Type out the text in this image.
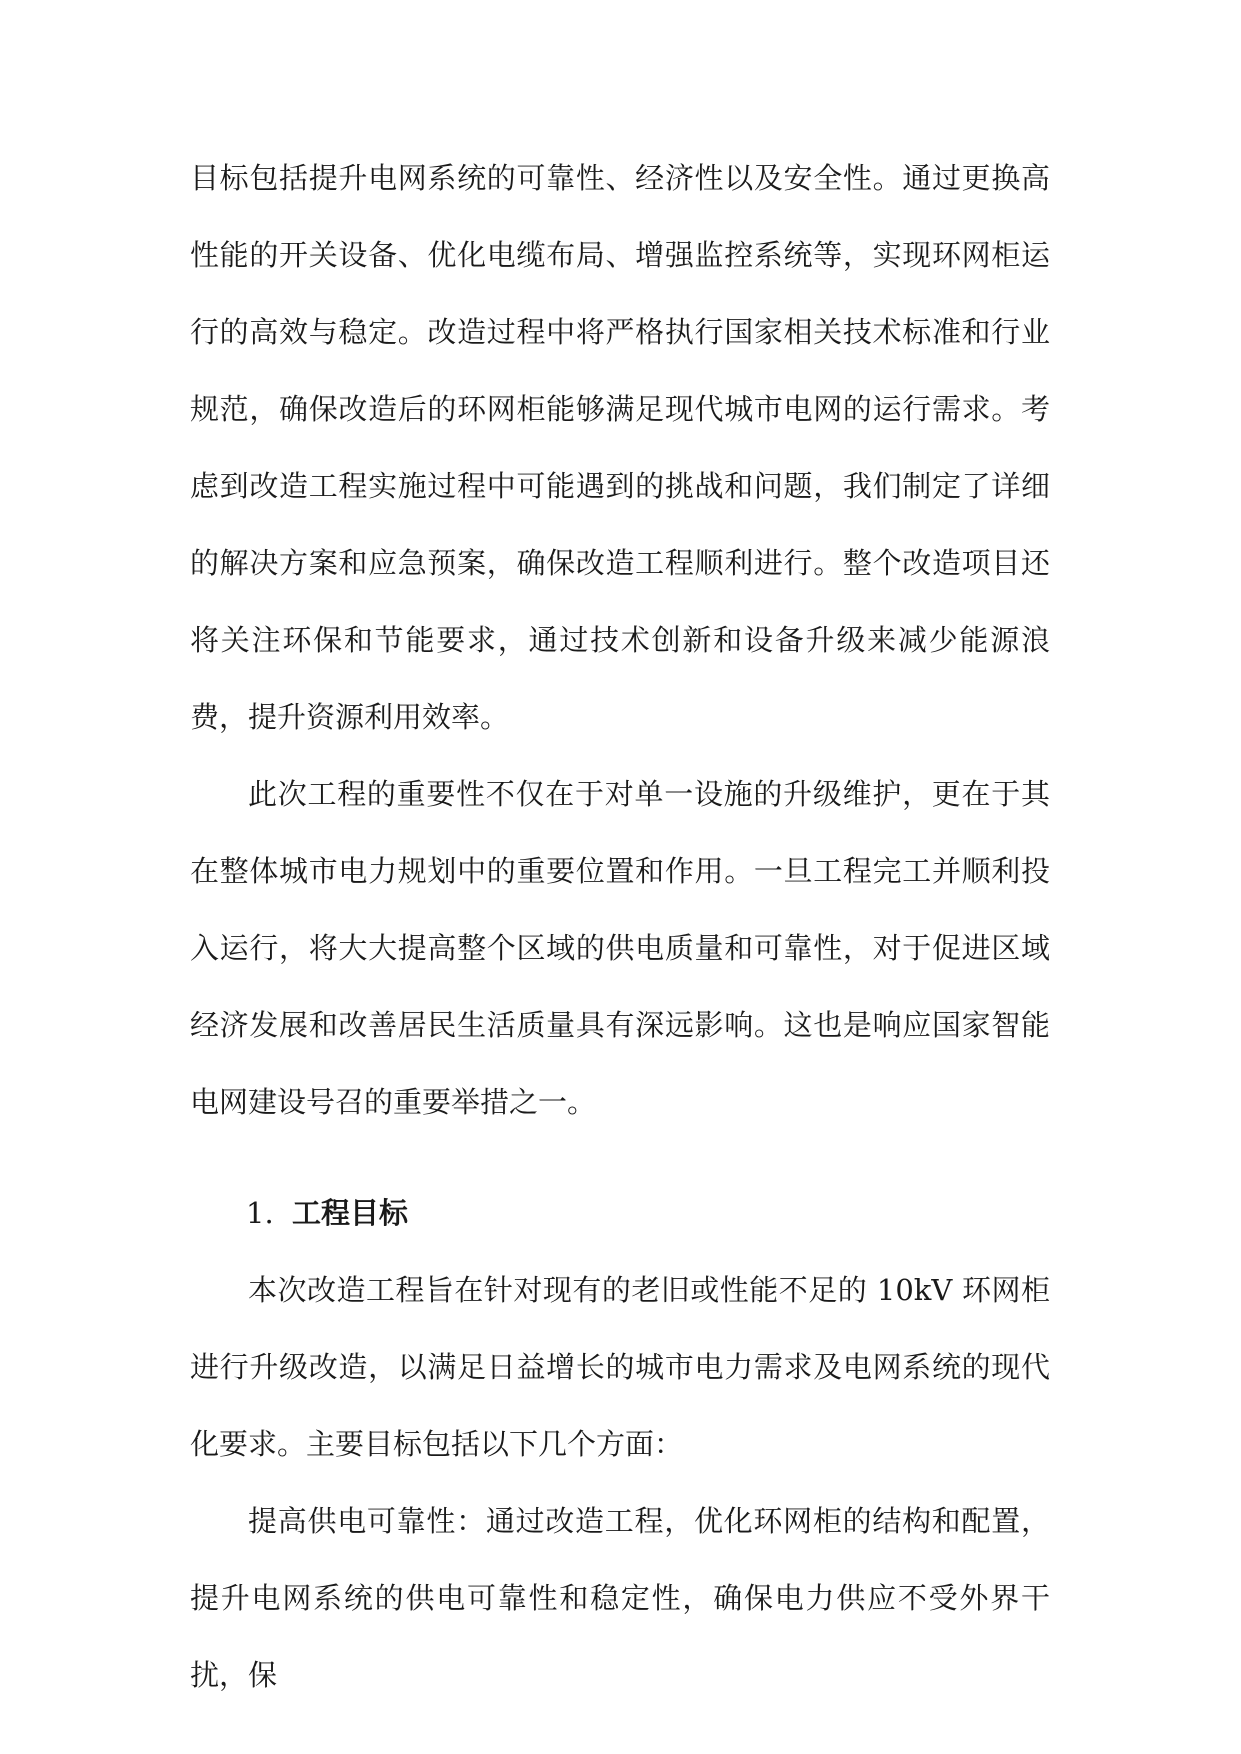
目标包括提升电网系统的可靠性、经济性以及安全性。通过更换高性能的开关设备、优化电缆布局、增强监控系统等，实现环网柜运行的高效与稳定。改造过程中将严格执行国家相关技术标准和行业规范，确保改造后的环网柜能够满足现代城市电网的运行需求。考虑到改造工程实施过程中可能遇到的挑战和问题，我们制定了详细的解决方案和应急预案，确保改造工程顺利进行。整个改造项目还将关注环保和节能要求，通过技术创新和设备升级来减少能源浪费，提升资源利用效率。

此次工程的重要性不仅在于对单一设施的升级维护，更在于其在整体城市电力规划中的重要位置和作用。一旦工程完工并顺利投入运行，将大大提高整个区域的供电质量和可靠性，对于促进区域经济发展和改善居民生活质量具有深远影响。这也是响应国家智能电网建设号召的重要举措之一。

1. 工程目标

本次改造工程旨在针对现有的老旧或性能不足的 10kV 环网柜进行升级改造，以满足日益增长的城市电力需求及电网系统的现代化要求。主要目标包括以下几个方面：

提高供电可靠性：通过改造工程，优化环网柜的结构和配置，提升电网系统的供电可靠性和稳定性，确保电力供应不受外界干扰，保
